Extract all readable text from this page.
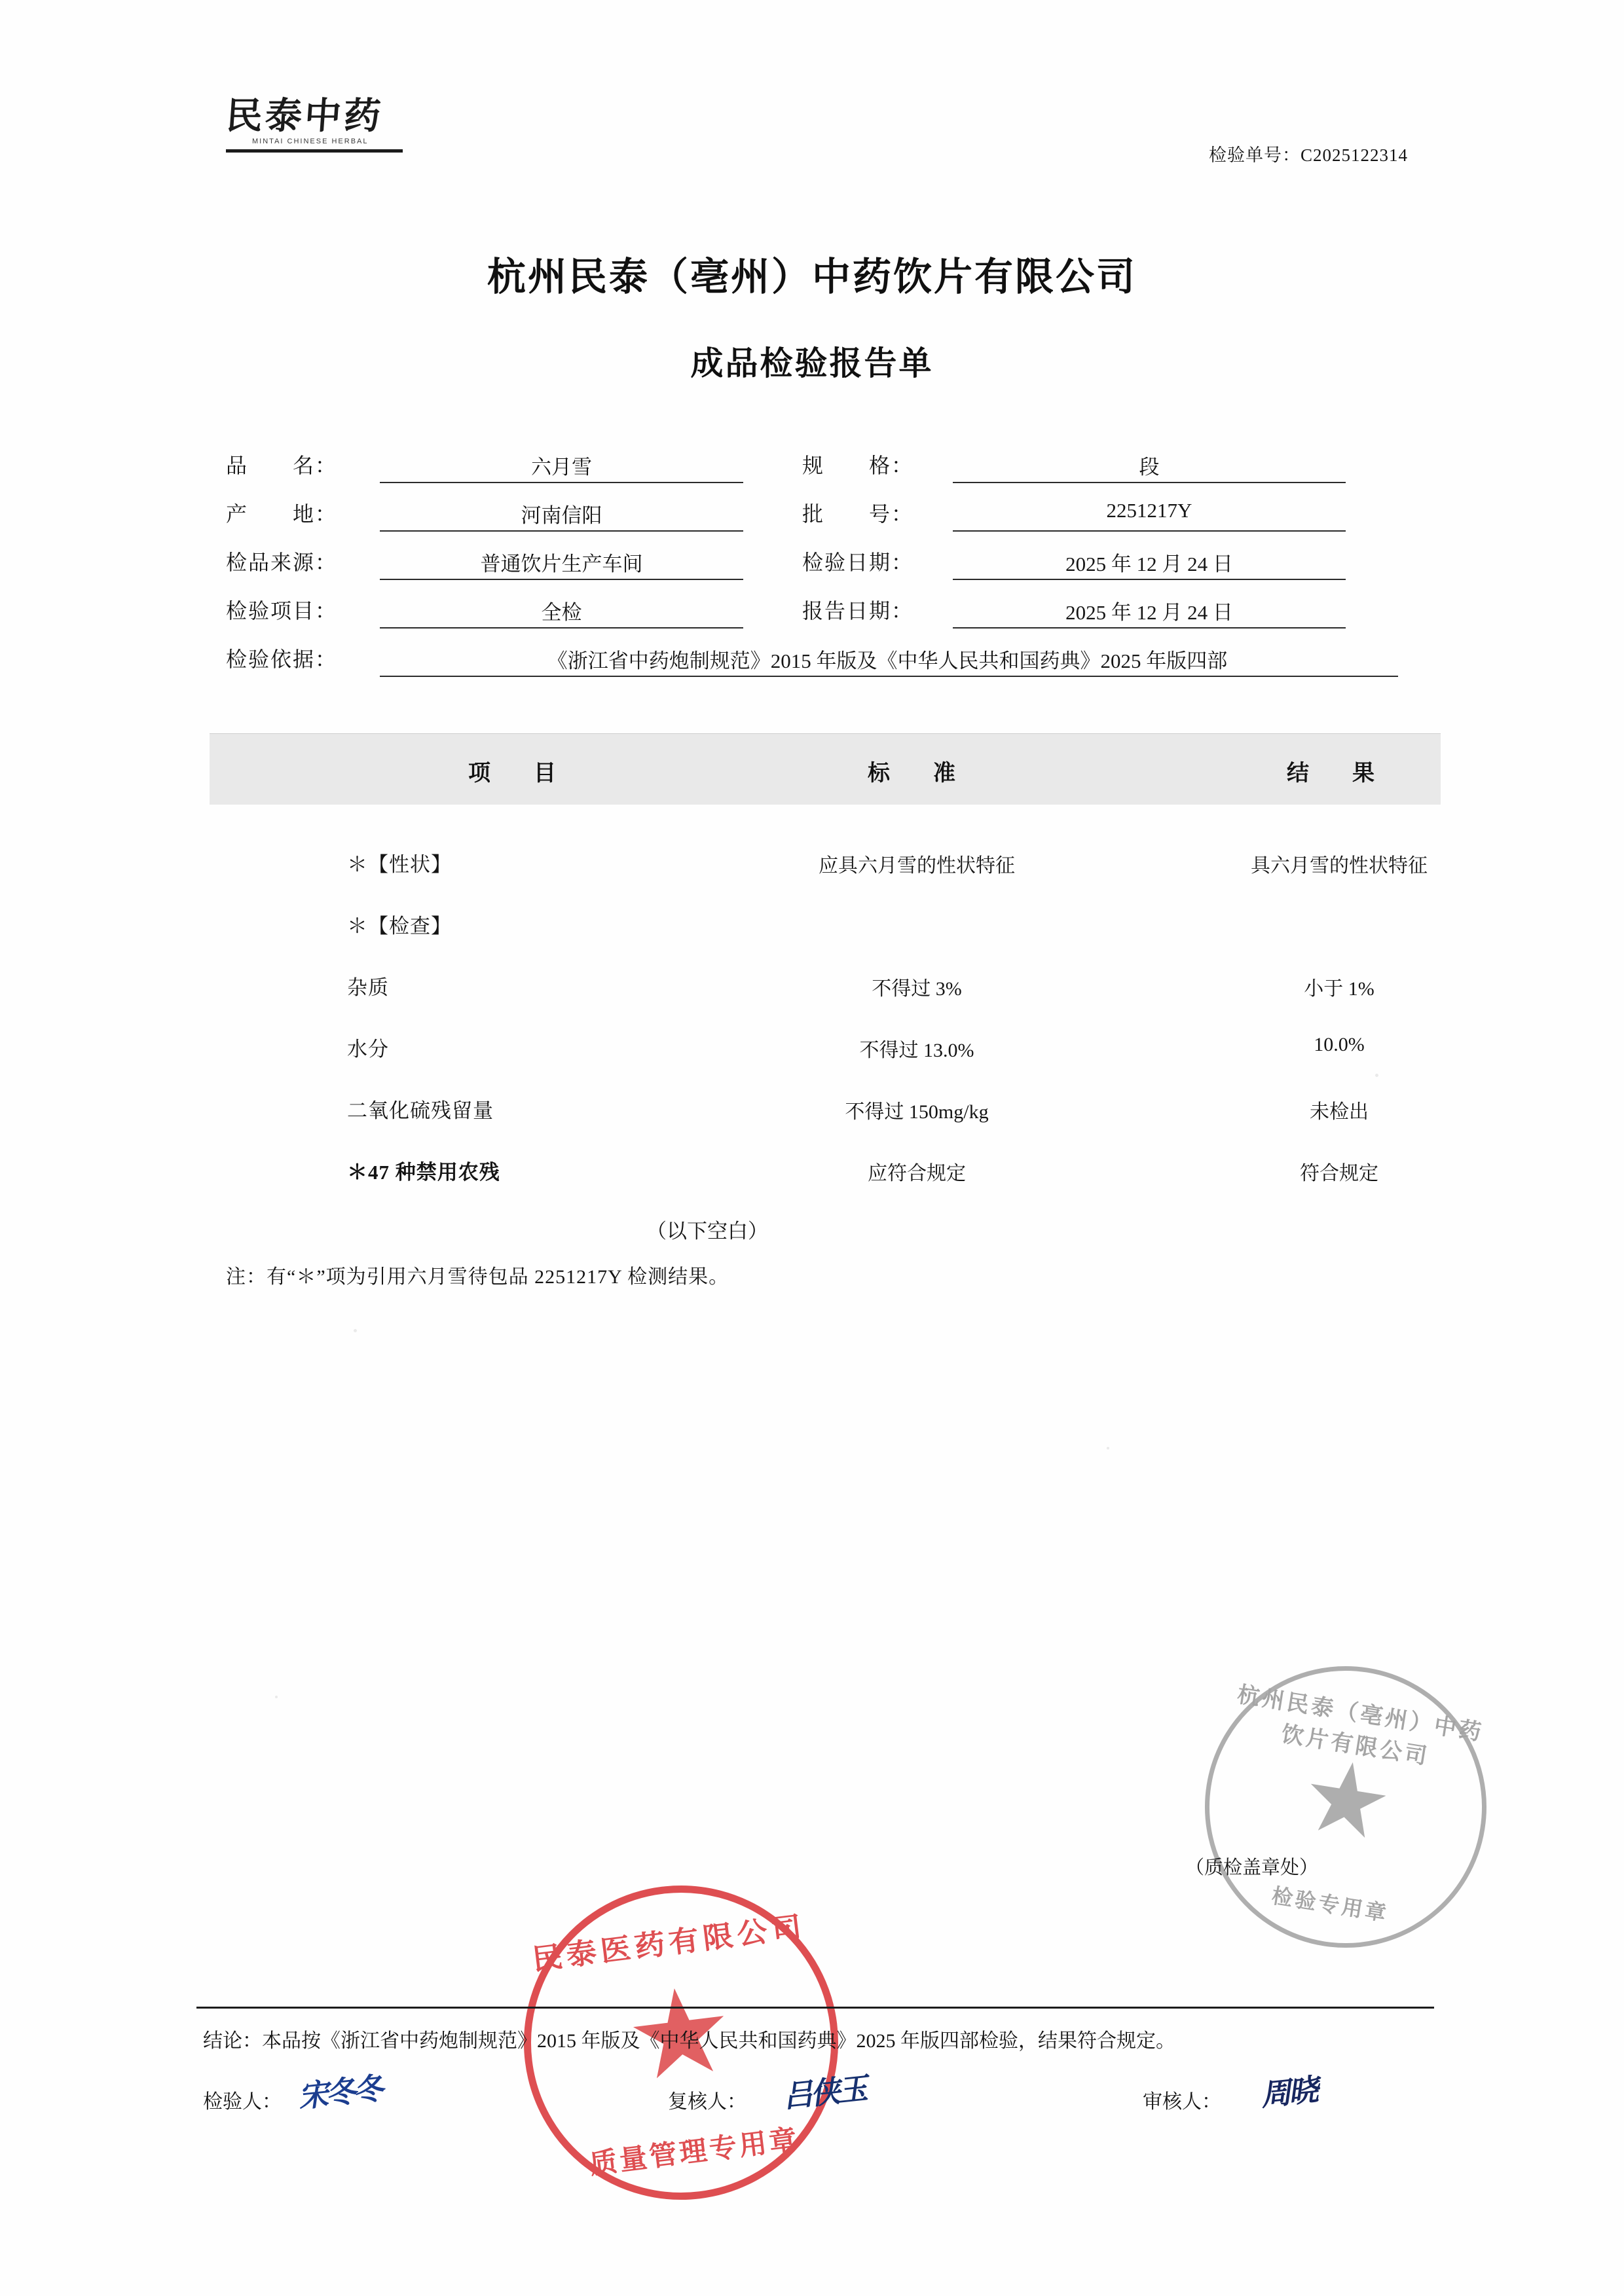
民泰中药
MINTAI CHINESE HERBAL
检验单号：C2025122314
杭州民泰（亳州）中药饮片有限公司
成品检验报告单
品　　名：	六月雪	规　　格：	段
产　　地：	河南信阳	批　　号：	2251217Y
检品来源：	普通饮片生产车间	检验日期：	2025 年 12 月 24 日
检验项目：	全检	报告日期：	2025 年 12 月 24 日
检验依据：	《浙江省中药炮制规范》2015 年版及《中华人民共和国药典》2025 年版四部
项　目	标　准	结　果
＊【性状】	应具六月雪的性状特征	具六月雪的性状特征
＊【检查】
杂质	不得过 3%	小于 1%
水分	不得过 13.0%	10.0%
二氧化硫残留量	不得过 150mg/kg	未检出
＊47 种禁用农残	应符合规定	符合规定
（以下空白）
注：有“＊”项为引用六月雪待包品 2251217Y 检测结果。
杭州民泰（亳州）中药饮片有限公司
★
检验专用章
（质检盖章处）
民泰医药有限公司
★
质量管理专用章
结论：本品按《浙江省中药炮制规范》2015 年版及《中华人民共和国药典》2025 年版四部检验，结果符合规定。
检验人： 宋冬冬	复核人： 吕侠玉	审核人： 周晓
